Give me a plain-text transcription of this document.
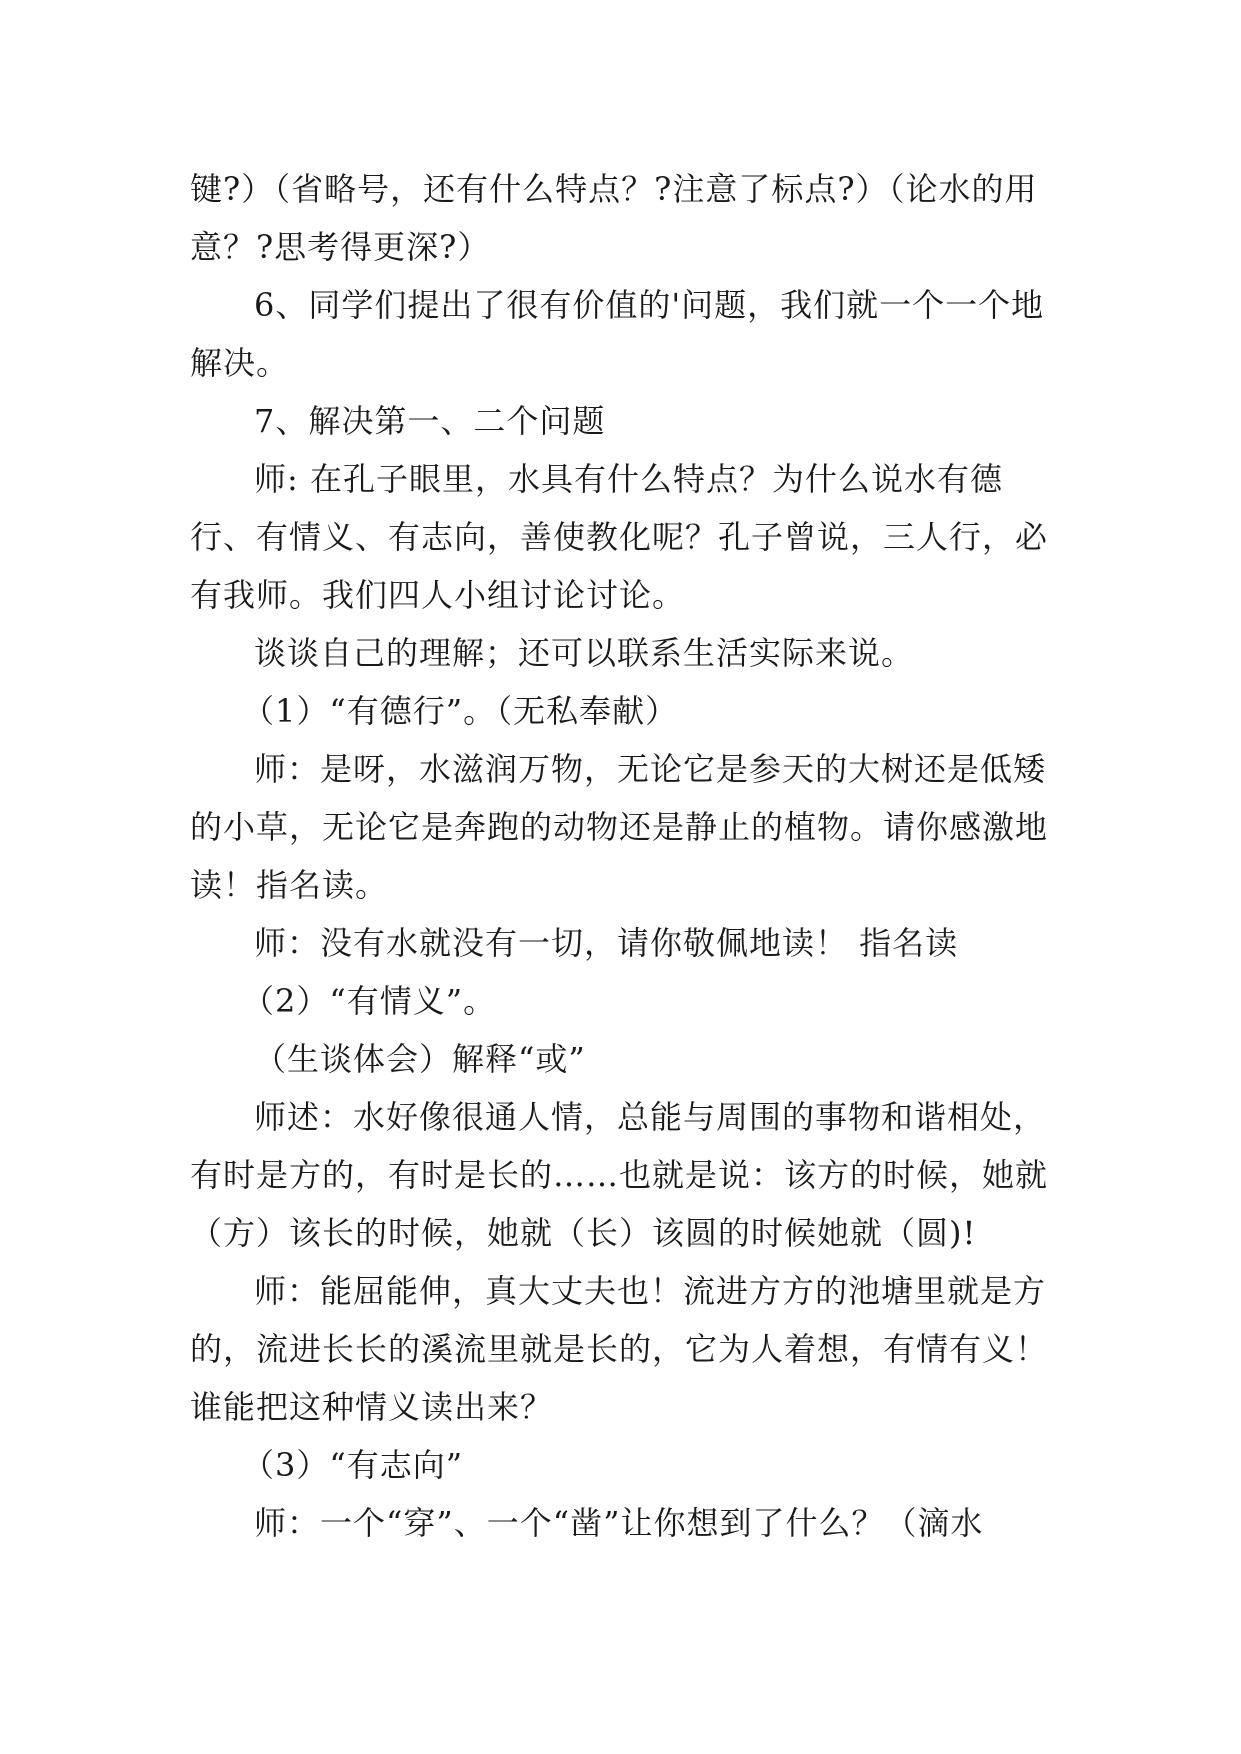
键?）（省略号，还有什么特点？?注意了标点?）（论水的用意？?思考得更深?）

6、同学们提出了很有价值的'问题，我们就一个一个地解决。

7、解决第一、二个问题

师: 在孔子眼里，水具有什么特点？为什么说水有德行、有情义、有志向，善使教化呢？孔子曾说，三人行，必有我师。我们四人小组讨论讨论。

谈谈自己的理解；还可以联系生活实际来说。

（1）“有德行”。（无私奉献）

师：是呀，水滋润万物，无论它是参天的大树还是低矮的小草，无论它是奔跑的动物还是静止的植物。请你感激地读！指名读。

师：没有水就没有一切，请你敬佩地读！ 指名读

（2）“有情义”。

（生谈体会）解释“或”

师述：水好像很通人情，总能与周围的事物和谐相处，有时是方的，有时是长的……也就是说：该方的时候，她就（方）该长的时候，她就（长）该圆的时候她就（圆)!

师：能屈能伸，真大丈夫也！流进方方的池塘里就是方的，流进长长的溪流里就是长的，它为人着想，有情有义！谁能把这种情义读出来？

（3）“有志向”

师：一个“穿”、一个“凿”让你想到了什么？（滴水
